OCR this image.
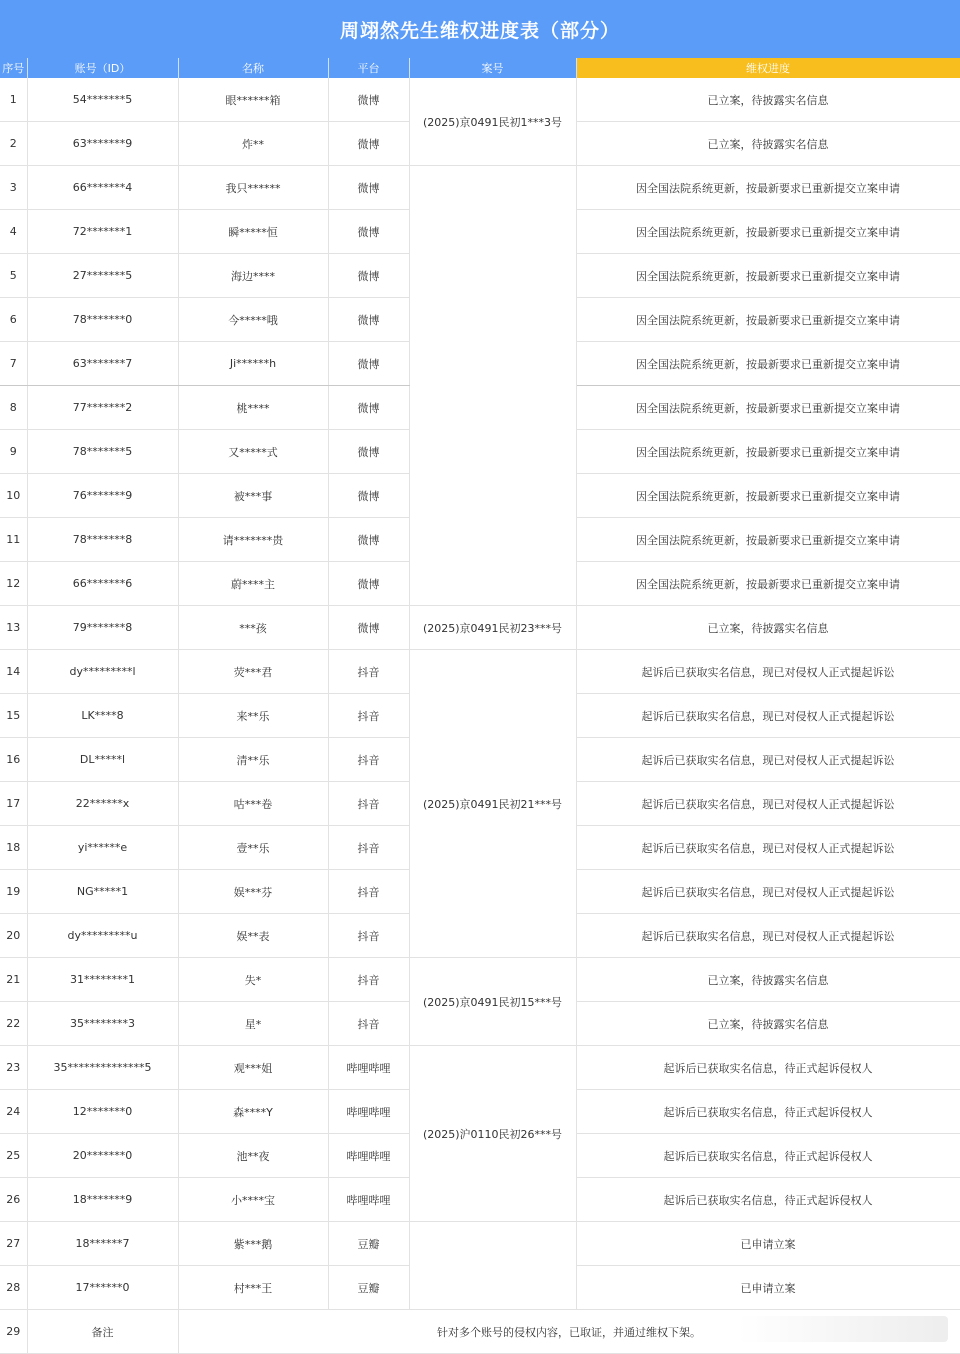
周翊然先生维权进度表（部分）
序号	账号（ID）	名称	平台	案号	维权进度
1	54*******5	眼******箱	微博	(2025)京0491民初1***3号	已立案，待披露实名信息
2	63*******9	炸**	微博		已立案，待披露实名信息
3	66*******4	我只******	微博		因全国法院系统更新，按最新要求已重新提交立案申请
4	72*******1	瞬*****恒	微博		因全国法院系统更新，按最新要求已重新提交立案申请
5	27*******5	海边****	微博		因全国法院系统更新，按最新要求已重新提交立案申请
6	78*******0	今*****哦	微博		因全国法院系统更新，按最新要求已重新提交立案申请
7	63*******7	Ji******h	微博		因全国法院系统更新，按最新要求已重新提交立案申请
8	77*******2	桃****	微博		因全国法院系统更新，按最新要求已重新提交立案申请
9	78*******5	又*****式	微博		因全国法院系统更新，按最新要求已重新提交立案申请
10	76*******9	被***事	微博		因全国法院系统更新，按最新要求已重新提交立案申请
11	78*******8	请*******贵	微博		因全国法院系统更新，按最新要求已重新提交立案申请
12	66*******6	蔚****主	微博		因全国法院系统更新，按最新要求已重新提交立案申请
13	79*******8	***孩	微博	(2025)京0491民初23***号	已立案，待披露实名信息
14	dy*********l	荧***君	抖音	(2025)京0491民初21***号	起诉后已获取实名信息，现已对侵权人正式提起诉讼
15	LK****8	来**乐	抖音		起诉后已获取实名信息，现已对侵权人正式提起诉讼
16	DL*****l	清**乐	抖音		起诉后已获取实名信息，现已对侵权人正式提起诉讼
17	22******x	咕***卷	抖音		起诉后已获取实名信息，现已对侵权人正式提起诉讼
18	yi******e	壹**乐	抖音		起诉后已获取实名信息，现已对侵权人正式提起诉讼
19	NG*****1	娱***芬	抖音		起诉后已获取实名信息，现已对侵权人正式提起诉讼
20	dy*********u	娱**表	抖音		起诉后已获取实名信息，现已对侵权人正式提起诉讼
21	31********1	失*	抖音	(2025)京0491民初15***号	已立案，待披露实名信息
22	35********3	星*	抖音		已立案，待披露实名信息
23	35**************5	观***姐	哔哩哔哩	(2025)沪0110民初26***号	起诉后已获取实名信息，待正式起诉侵权人
24	12*******0	森****Y	哔哩哔哩		起诉后已获取实名信息，待正式起诉侵权人
25	20*******0	池**夜	哔哩哔哩		起诉后已获取实名信息，待正式起诉侵权人
26	18*******9	小****宝	哔哩哔哩		起诉后已获取实名信息，待正式起诉侵权人
27	18******7	紫***鹅	豆瓣		已申请立案
28	17******0	村***王	豆瓣		已申请立案
29	备注	针对多个账号的侵权内容，已取证，并通过维权下架。			
